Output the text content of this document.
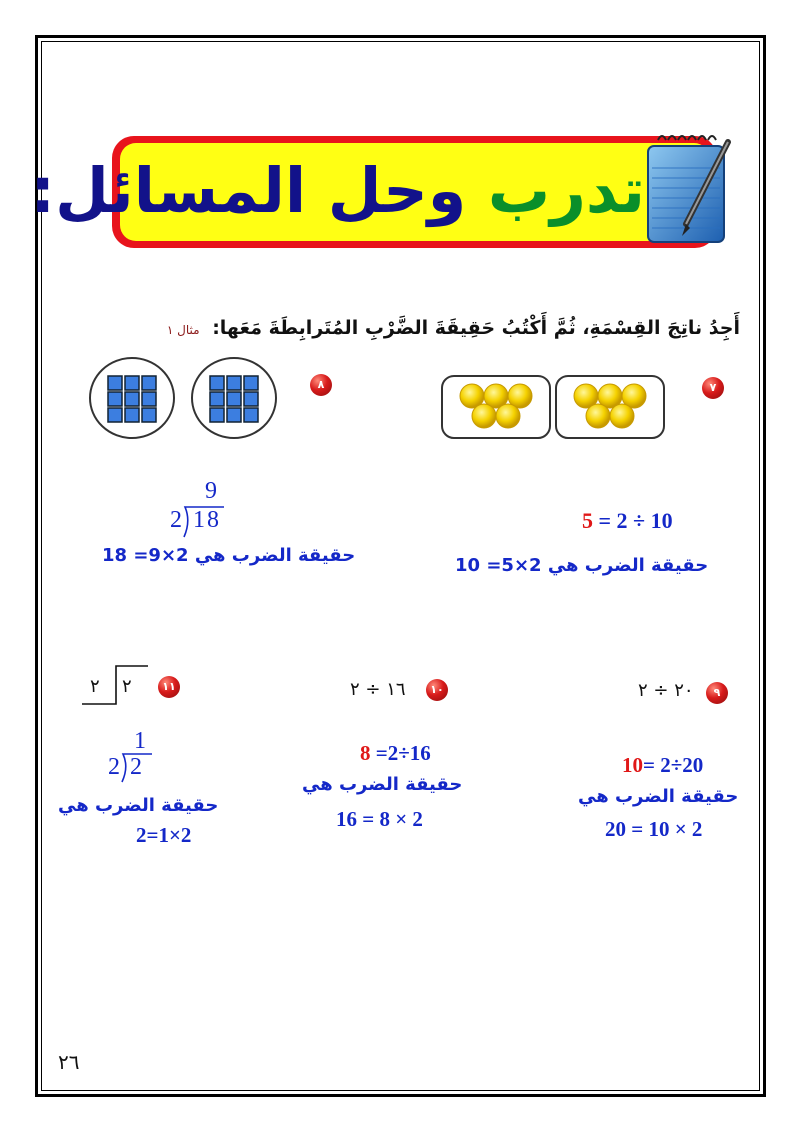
تدرب وحل المسائل:
أَجِدُ ناتِجَ القِسْمَةِ، ثُمَّ أَكْتُبُ حَقِيقَةَ الضَّرْبِ المُتَرابِطَةَ مَعَها: مثال ١
٧
٨
9
2 18
حقيقة الضرب هي 2×9= 18
5 = 2 ÷ 10
حقيقة الضرب هي 2×5= 10
٩
٢٠ ÷ ٢
١٠
١٦ ÷ ٢
١١
٢ ٢
10= 2÷20
حقيقة الضرب هي
20 = 10 × 2
8 =2÷16
حقيقة الضرب هي
16 = 8 × 2
1
2 2
حقيقة الضرب هي
2=1×2
٢٦
